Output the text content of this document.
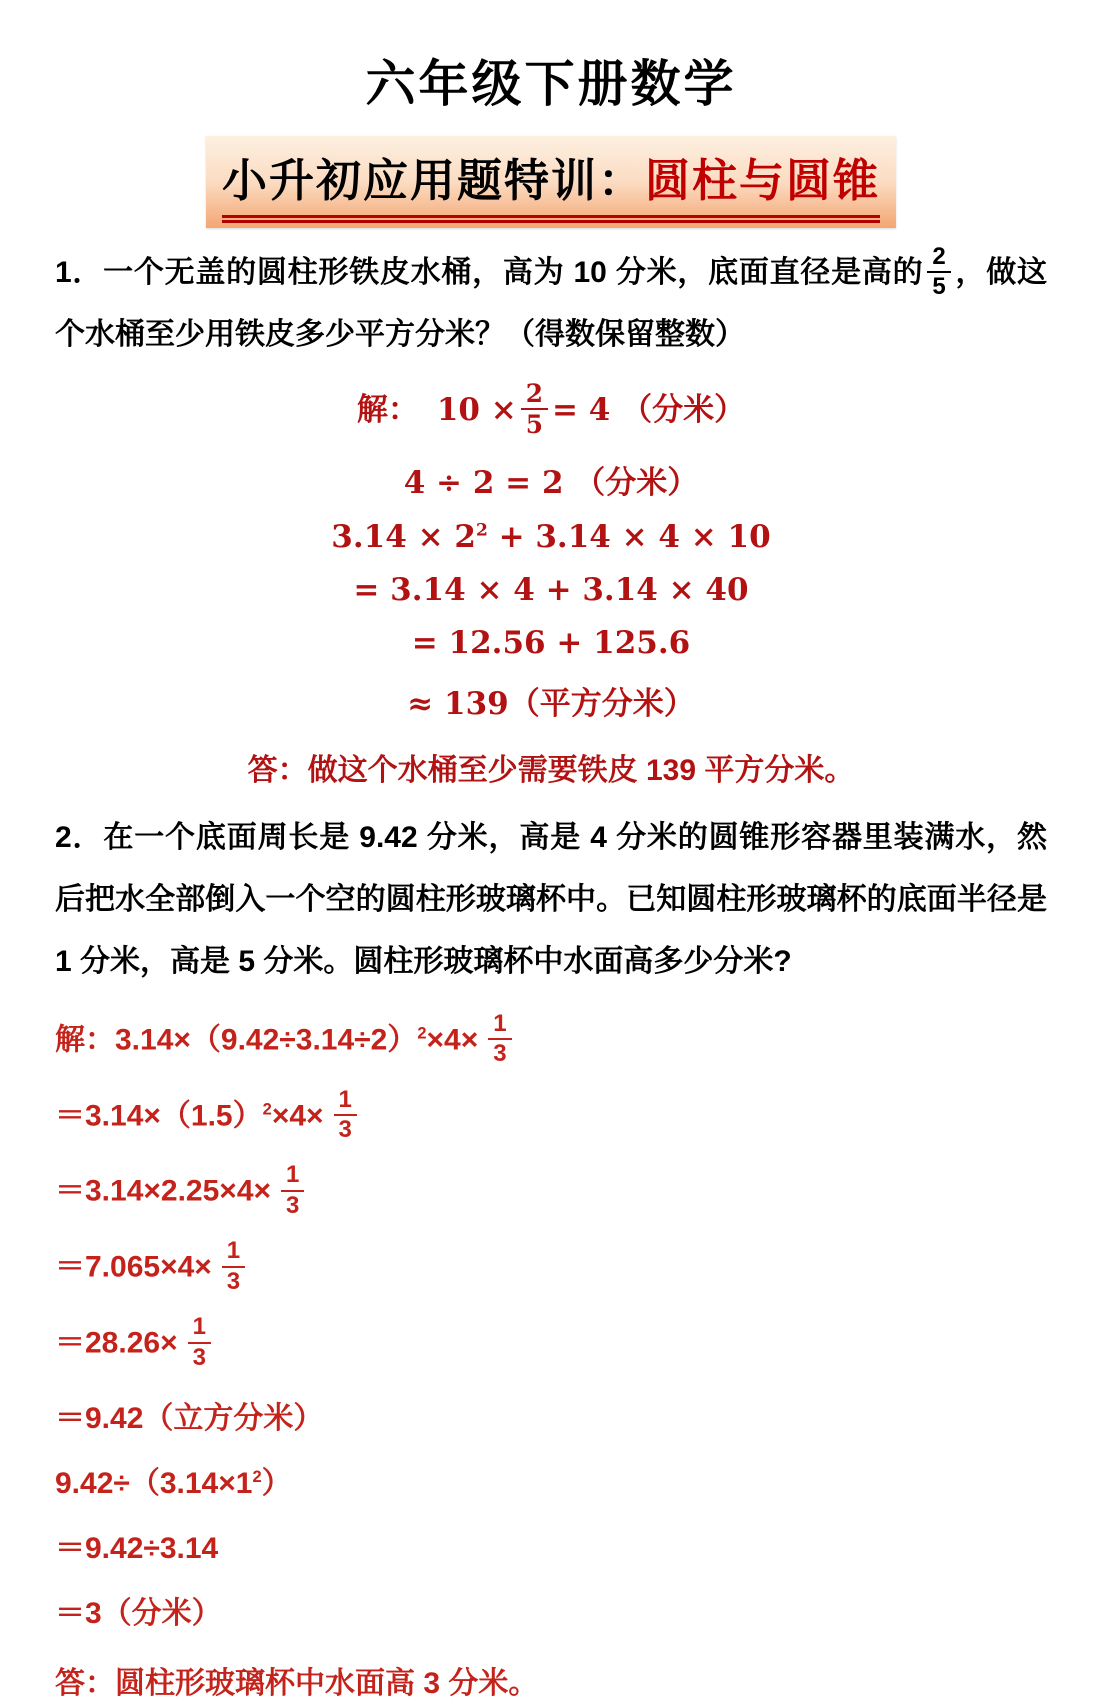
六年级下册数学
小升初应用题特训：圆柱与圆锥
1．一个无盖的圆柱形铁皮水桶，高为 10 分米，底面直径是高的 $\frac{2}{5}$ ，做这个水桶至少用铁皮多少平方分米？（得数保留整数）
解： $10 \times \frac{2}{5} = 4$ （分米）
4 ÷ 2 = 2 （分米）
$3.14 \times 2^2 + 3.14 \times 4 \times 10$
= 3.14 × 4 + 3.14 × 40
= 12.56 + 125.6
≈ 139（平方分米）
答：做这个水桶至少需要铁皮 139 平方分米。
2．在一个底面周长是 9.42 分米，高是 4 分米的圆锥形容器里装满水，然后把水全部倒入一个空的圆柱形玻璃杯中。已知圆柱形玻璃杯的底面半径是 1 分米，高是 5 分米。圆柱形玻璃杯中水面高多少分米?
解：$3.14\times(9.42\div 3.14\div 2)^2\times 4\times \frac{1}{3}$
$=3.14\times(1.5)^2\times 4\times \frac{1}{3}$
$=3.14\times 2.25\times 4\times \frac{1}{3}$
$=7.065\times 4\times \frac{1}{3}$
$=28.26\times \frac{1}{3}$
＝9.42（立方分米）
$9.42\div(3.14\times 1^2)$
＝9.42÷3.14
＝3（分米）
答：圆柱形玻璃杯中水面高 3 分米。
